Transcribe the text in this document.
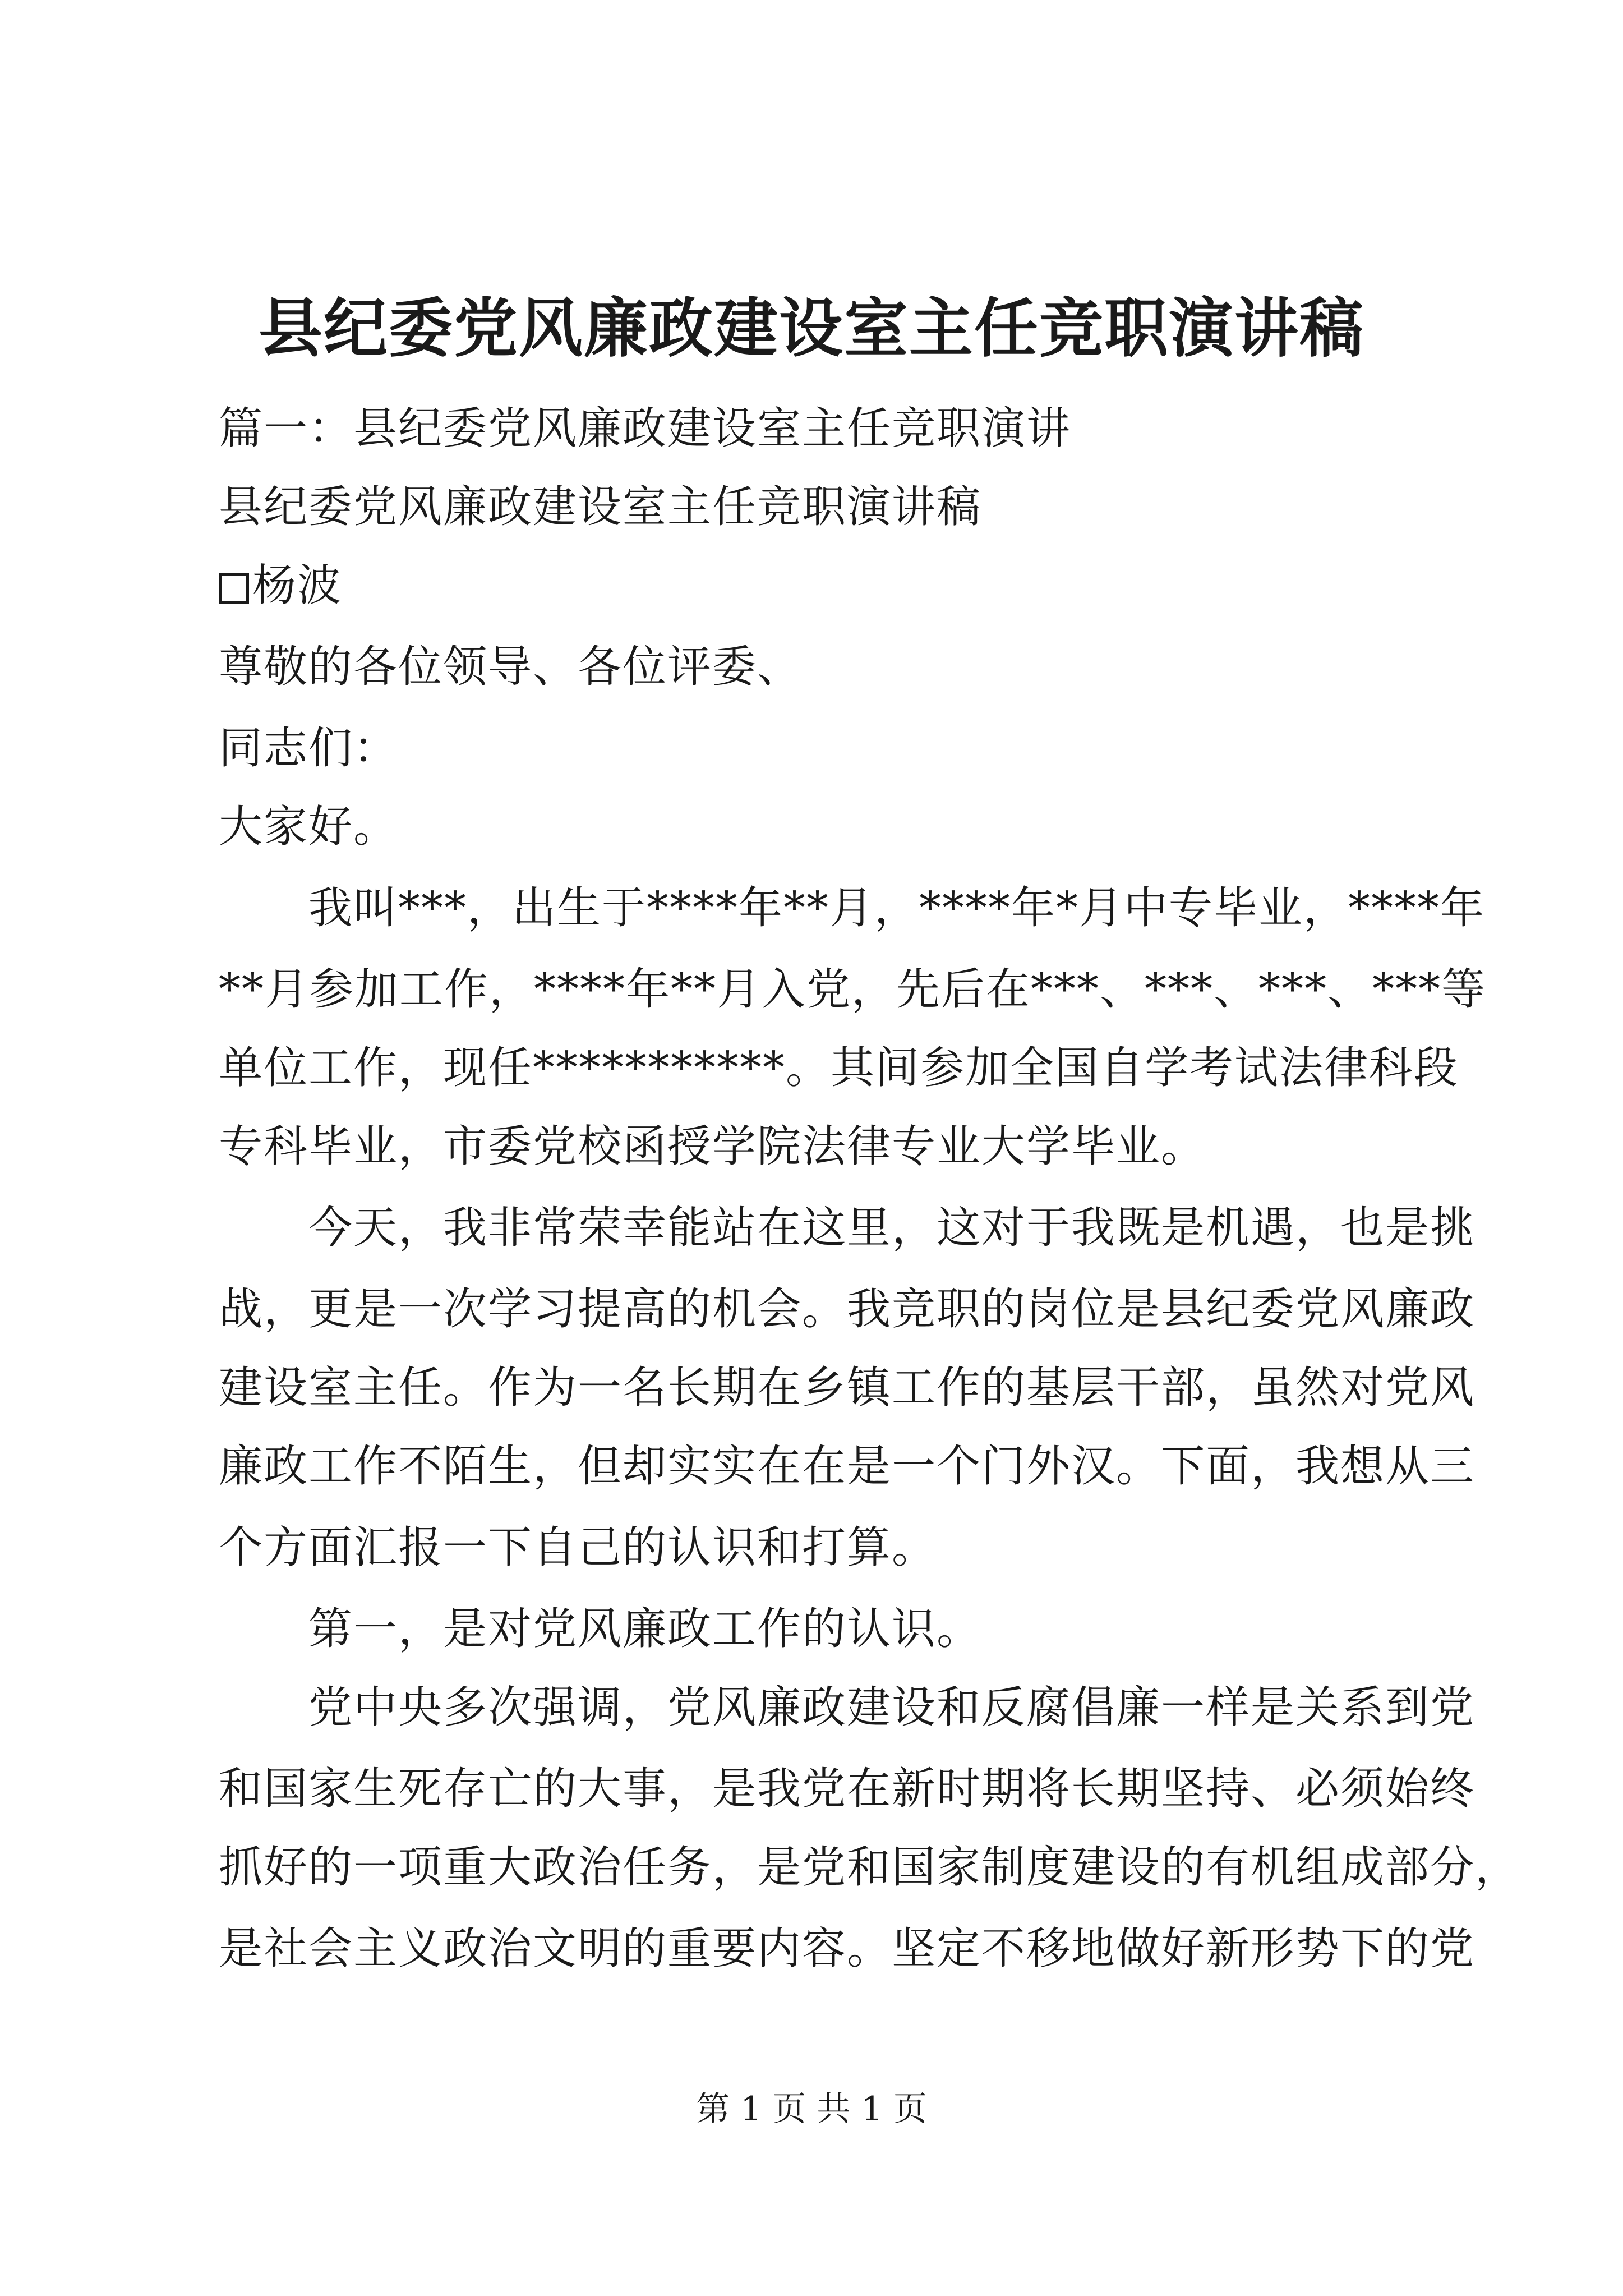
县纪委党风廉政建设室主任竞职演讲稿
篇一：县纪委党风廉政建设室主任竞职演讲
县纪委党风廉政建设室主任竞职演讲稿
杨波
尊敬的各位领导、各位评委、
同志们：
大家好。
我叫***，出生于****年**月，****年*月中专毕业，****年
**月参加工作，****年**月入党，先后在***、***、***、***等
单位工作，现任***********。其间参加全国自学考试法律科段
专科毕业，市委党校函授学院法律专业大学毕业。
今天，我非常荣幸能站在这里，这对于我既是机遇，也是挑
战，更是一次学习提高的机会。我竞职的岗位是县纪委党风廉政
建设室主任。作为一名长期在乡镇工作的基层干部，虽然对党风
廉政工作不陌生，但却实实在在是一个门外汉。下面，我想从三
个方面汇报一下自己的认识和打算。
第一，是对党风廉政工作的认识。
党中央多次强调，党风廉政建设和反腐倡廉一样是关系到党
和国家生死存亡的大事，是我党在新时期将长期坚持、必须始终
抓好的一项重大政治任务，是党和国家制度建设的有机组成部分，
是社会主义政治文明的重要内容。坚定不移地做好新形势下的党
第 1 页 共 1 页
